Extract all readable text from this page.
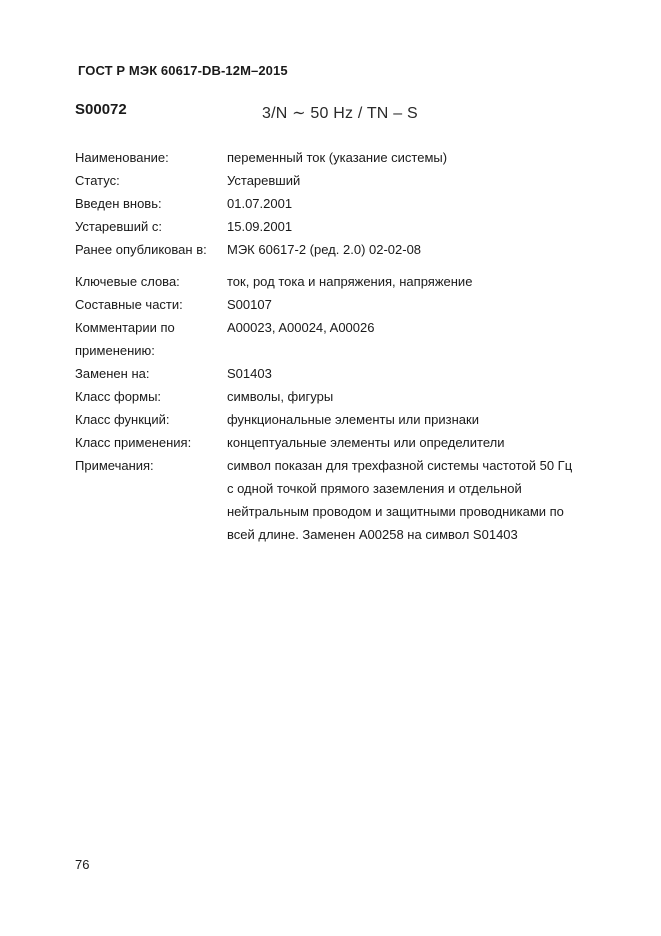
ГОСТ Р МЭК 60617-DB-12M–2015
S00072	3/N ∼ 50 Hz / TN – S
Наименование:	переменный ток (указание системы)
Статус:	Устаревший
Введен вновь:	01.07.2001
Устаревший с:	15.09.2001
Ранее опубликован в:	МЭК 60617-2 (ред. 2.0) 02-02-08
Ключевые слова:	ток, род тока и напряжения, напряжение
Составные части:	S00107
Комментарии по применению:
A00023, A00024, A00026
Заменен на:	S01403
Класс формы:	символы, фигуры
Класс функций:	функциональные элементы или признаки
Класс применения:	концептуальные элементы или определители
Примечания:	символ показан для трехфазной системы частотой 50 Гц с одной точкой прямого заземления и отдельной нейтральным проводом и защитными проводниками по всей длине. Заменен A00258 на символ S01403
76
